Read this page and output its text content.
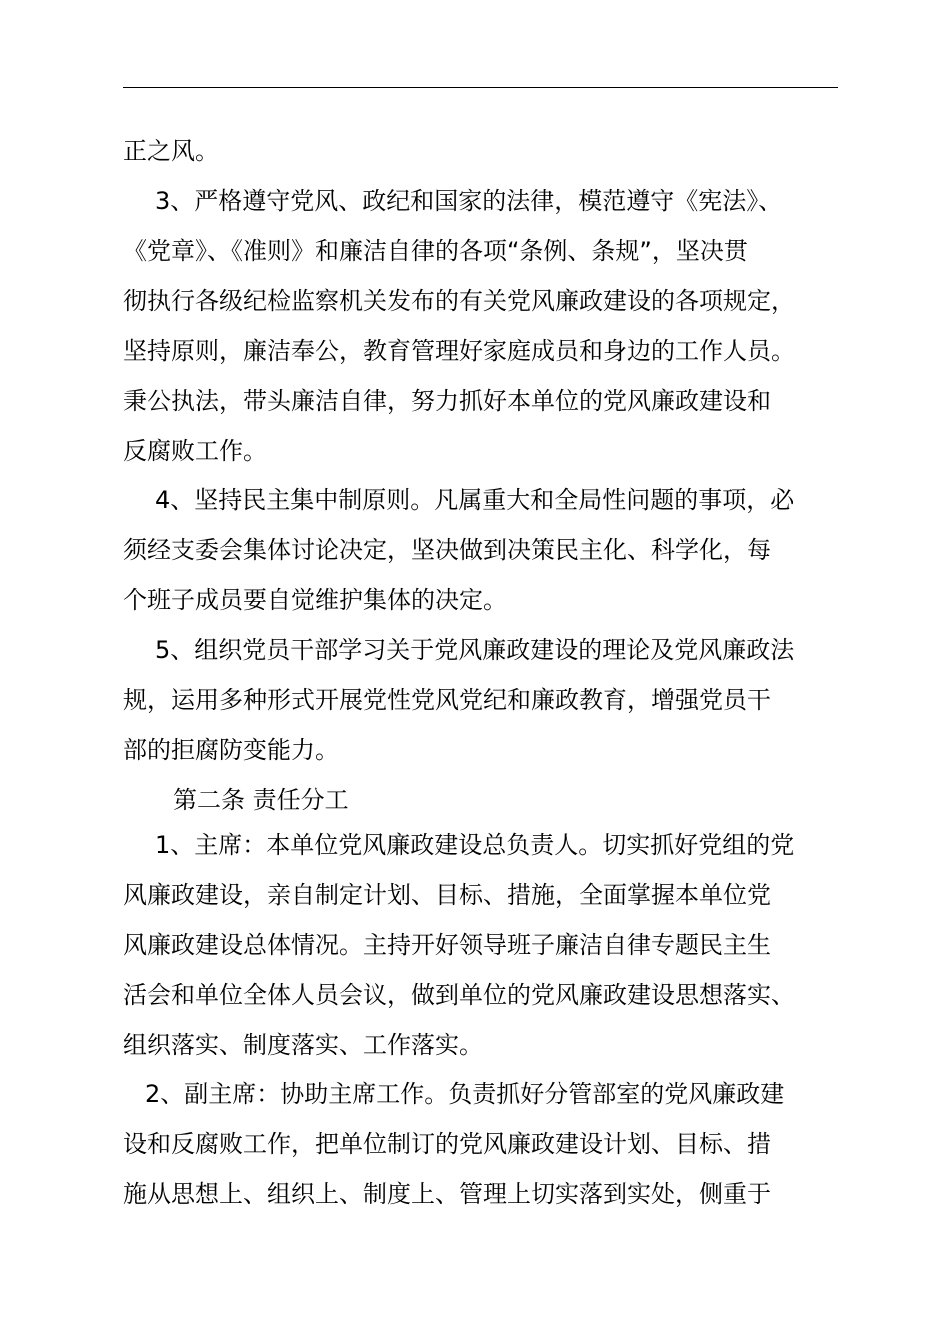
正之风。
3、严格遵守党风、政纪和国家的法律，模范遵守《宪法》、
《党章》、《准则》和廉洁自律的各项“条例、条规”，坚决贯
彻执行各级纪检监察机关发布的有关党风廉政建设的各项规定，
坚持原则，廉洁奉公，教育管理好家庭成员和身边的工作人员。
秉公执法，带头廉洁自律，努力抓好本单位的党风廉政建设和
反腐败工作。
4、坚持民主集中制原则。凡属重大和全局性问题的事项，必
须经支委会集体讨论决定，坚决做到决策民主化、科学化，每
个班子成员要自觉维护集体的决定。
5、组织党员干部学习关于党风廉政建设的理论及党风廉政法
规，运用多种形式开展党性党风党纪和廉政教育，增强党员干
部的拒腐防变能力。
第二条 责任分工
1、主席：本单位党风廉政建设总负责人。切实抓好党组的党
风廉政建设，亲自制定计划、目标、措施，全面掌握本单位党
风廉政建设总体情况。主持开好领导班子廉洁自律专题民主生
活会和单位全体人员会议，做到单位的党风廉政建设思想落实、
组织落实、制度落实、工作落实。
2、副主席：协助主席工作。负责抓好分管部室的党风廉政建
设和反腐败工作，把单位制订的党风廉政建设计划、目标、措
施从思想上、组织上、制度上、管理上切实落到实处，侧重于
